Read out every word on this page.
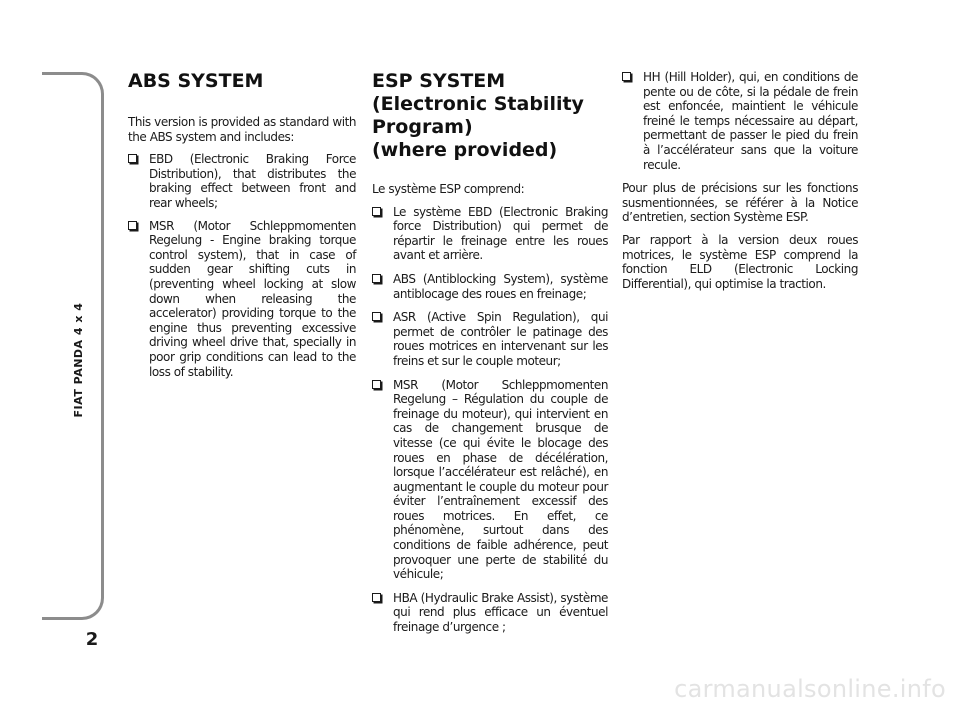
FIAT PANDA 4 x 4
2
ABS SYSTEM

This version is provided as standard with the ABS system and includes:

EBD (Electronic Braking Force Distribution), that distributes the braking effect between front and rear wheels;
MSR (Motor Schleppmomenten Regelung - Engine braking torque control system), that in case of sudden gear shifting cuts in (preventing wheel locking at slow down when releasing the accelerator) providing torque to the engine thus preventing excessive driving wheel drive that, specially in poor grip conditions can lead to the loss of stability.
ESP SYSTEM
(Electronic Stability
Program)
(where provided)

Le système ESP comprend:

Le système EBD (Electronic Braking force Distribution) qui permet de répartir le freinage entre les roues avant et arrière.
ABS (Antiblocking System), système antiblocage des roues en freinage;
ASR (Active Spin Regulation), qui permet de contrôler le patinage des roues motrices en intervenant sur les freins et sur le couple moteur;
MSR (Motor Schleppmomenten Regelung – Régulation du couple de freinage du moteur), qui intervient en cas de changement brusque de vitesse (ce qui évite le blocage des roues en phase de décélération, lorsque l’accélérateur est relâché), en augmentant le couple du moteur pour éviter l’entraînement excessif des roues motrices. En effet, ce phénomène, surtout dans des conditions de faible adhérence, peut provoquer une perte de stabilité du véhicule;
HBA (Hydraulic Brake Assist), système qui rend plus efficace un éventuel freinage d’urgence ;
HH (Hill Holder), qui, en conditions de pente ou de côte, si la pédale de frein est enfoncée, maintient le véhicule freiné le temps nécessaire au départ, permettant de passer le pied du frein à l’accélérateur sans que la voiture recule.

Pour plus de précisions sur les fonctions susmentionnées, se référer à la Notice d’entretien, section Système ESP.

Par rapport à la version deux roues motrices, le système ESP comprend la fonction ELD (Electronic Locking Differential), qui optimise la traction.

carmanualsonline.info
